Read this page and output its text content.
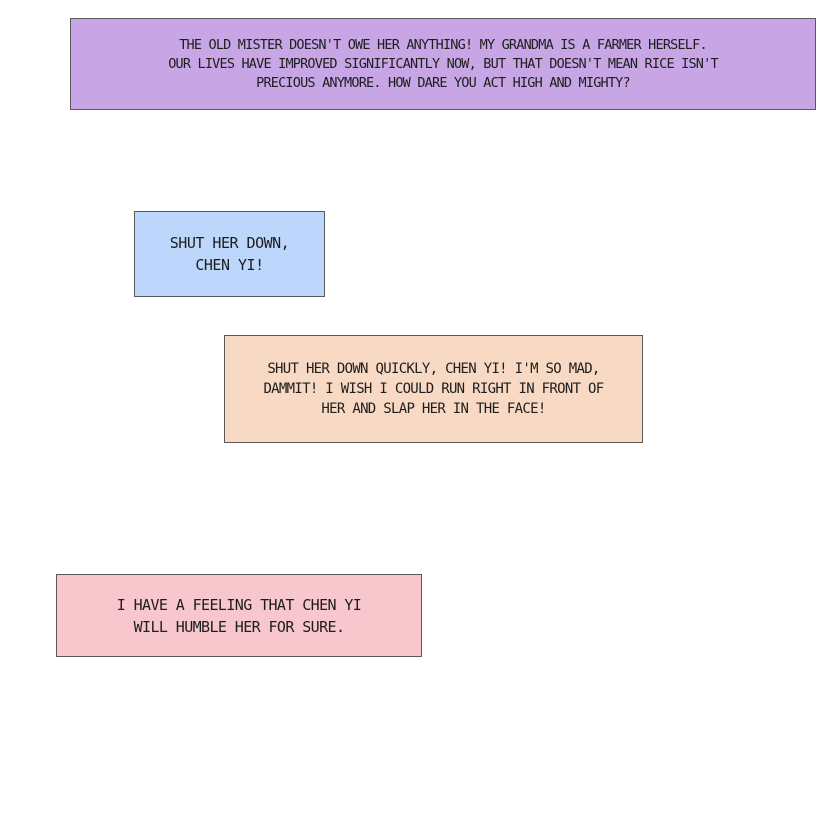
THE OLD MISTER DOESN'T OWE HER ANYTHING! MY GRANDMA IS A FARMER HERSELF.
OUR LIVES HAVE IMPROVED SIGNIFICANTLY NOW, BUT THAT DOESN'T MEAN RICE ISN'T
PRECIOUS ANYMORE. HOW DARE YOU ACT HIGH AND MIGHTY?
SHUT HER DOWN,
CHEN YI!
SHUT HER DOWN QUICKLY, CHEN YI! I'M SO MAD,
DAMMIT! I WISH I COULD RUN RIGHT IN FRONT OF
HER AND SLAP HER IN THE FACE!
I HAVE A FEELING THAT CHEN YI
WILL HUMBLE HER FOR SURE.
